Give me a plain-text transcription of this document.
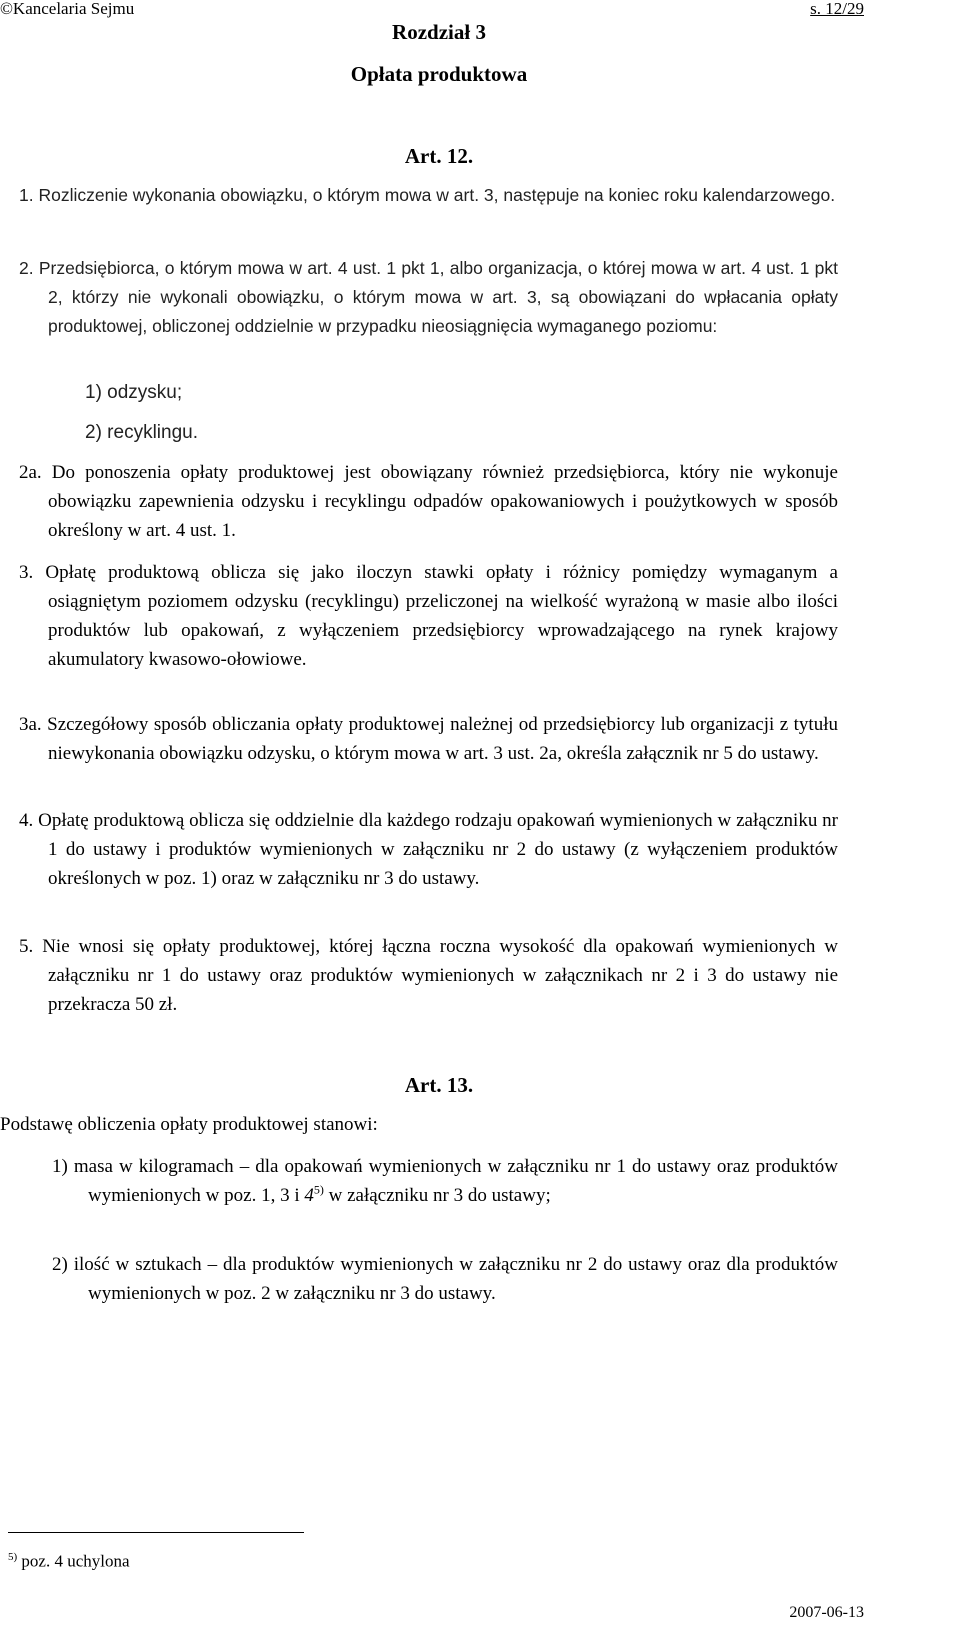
©Kancelaria Sejmu	s. 12/29
Rozdział 3
Opłata produktowa
Art. 12.

1. Rozliczenie wykonania obowiązku, o którym mowa w art. 3, następuje na koniec roku kalendarzowego.

2. Przedsiębiorca, o którym mowa w art. 4 ust. 1 pkt 1, albo organizacja, o której mowa w art. 4 ust. 1 pkt 2, którzy nie wykonali obowiązku, o którym mowa w art. 3, są obowiązani do wpłacania opłaty produktowej, obliczonej oddzielnie w przypadku nieosiągnięcia wymaganego poziomu:

1) odzysku;
2) recyklingu.

2a. Do ponoszenia opłaty produktowej jest obowiązany również przedsiębiorca, który nie wykonuje obowiązku zapewnienia odzysku i recyklingu odpadów opakowaniowych i poużytkowych w sposób określony w art. 4 ust. 1.

3. Opłatę produktową oblicza się jako iloczyn stawki opłaty i różnicy pomiędzy wymaganym a osiągniętym poziomem odzysku (recyklingu) przeliczonej na wielkość wyrażoną w masie albo ilości produktów lub opakowań, z wyłączeniem przedsiębiorcy wprowadzającego na rynek krajowy akumulatory kwasowo-ołowiowe.

3a. Szczegółowy sposób obliczania opłaty produktowej należnej od przedsiębiorcy lub organizacji z tytułu niewykonania obowiązku odzysku, o którym mowa w art. 3 ust. 2a, określa załącznik nr 5 do ustawy.

4. Opłatę produktową oblicza się oddzielnie dla każdego rodzaju opakowań wymienionych w załączniku nr 1 do ustawy i produktów wymienionych w załączniku nr 2 do ustawy (z wyłączeniem produktów określonych w poz. 1) oraz w załączniku nr 3 do ustawy.

5. Nie wnosi się opłaty produktowej, której łączna roczna wysokość dla opakowań wymienionych w załączniku nr 1 do ustawy oraz produktów wymienionych w załącznikach nr 2 i 3 do ustawy nie przekracza 50 zł.

Art. 13.
Podstawę obliczenia opłaty produktowej stanowi:

1) masa w kilogramach – dla opakowań wymienionych w załączniku nr 1 do ustawy oraz produktów wymienionych w poz. 1, 3 i 4$^{5)}$ w załączniku nr 3 do ustawy;

2) ilość w sztukach – dla produktów wymienionych w załączniku nr 2 do ustawy oraz dla produktów wymienionych w poz. 2 w załączniku nr 3 do ustawy.

$^{5)}$ poz. 4 uchylona
2007-06-13
